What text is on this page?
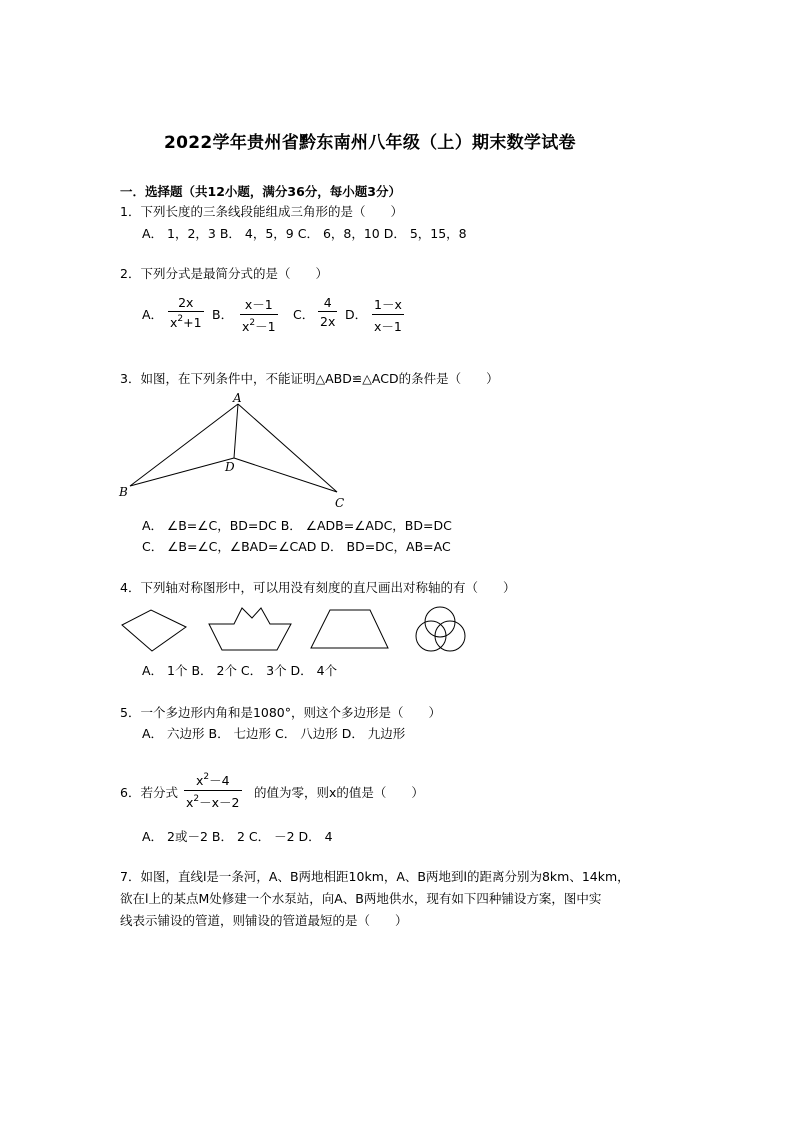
2022学年贵州省黔东南州八年级（上）期末数学试卷
一．选择题（共12小题，满分36分，每小题3分）
1．下列长度的三条线段能组成三角形的是（　　）
A． 1，2，3 B． 4，5，9 C． 6，8，10 D． 5，15，8
2．下列分式是最简分式的是（　　）
A．
2x
$x^2+1$
B．
x－1
$x^2-1$
C．
4
2x D．
1－x
x－1
3．如图，在下列条件中，不能证明△ABD≌△ACD的条件是（　　）
A
B
C
D
A． ∠B=∠C，BD=DC B． ∠ADB=∠ADC，BD=DC
C． ∠B=∠C，∠BAD=∠CAD D． BD=DC，AB=AC
4．下列轴对称图形中，可以用没有刻度的直尺画出对称轴的有（　　）
A． 1个 B． 2个 C． 3个 D． 4个
5．一个多边形内角和是1080°，则这个多边形是（　　）
A． 六边形 B． 七边形 C． 八边形 D． 九边形
6．若分式
$x^2-4$
$x^2-x-2$
的值为零，则x的值是（　　）
A． 2或－2 B． 2 C． －2 D． 4
7．如图，直线l是一条河，A、B两地相距10km，A、B两地到l的距离分别为8km、14km，
欲在l上的某点M处修建一个水泵站，向A、B两地供水，现有如下四种铺设方案，图中实
线表示铺设的管道，则铺设的管道最短的是（　　）
